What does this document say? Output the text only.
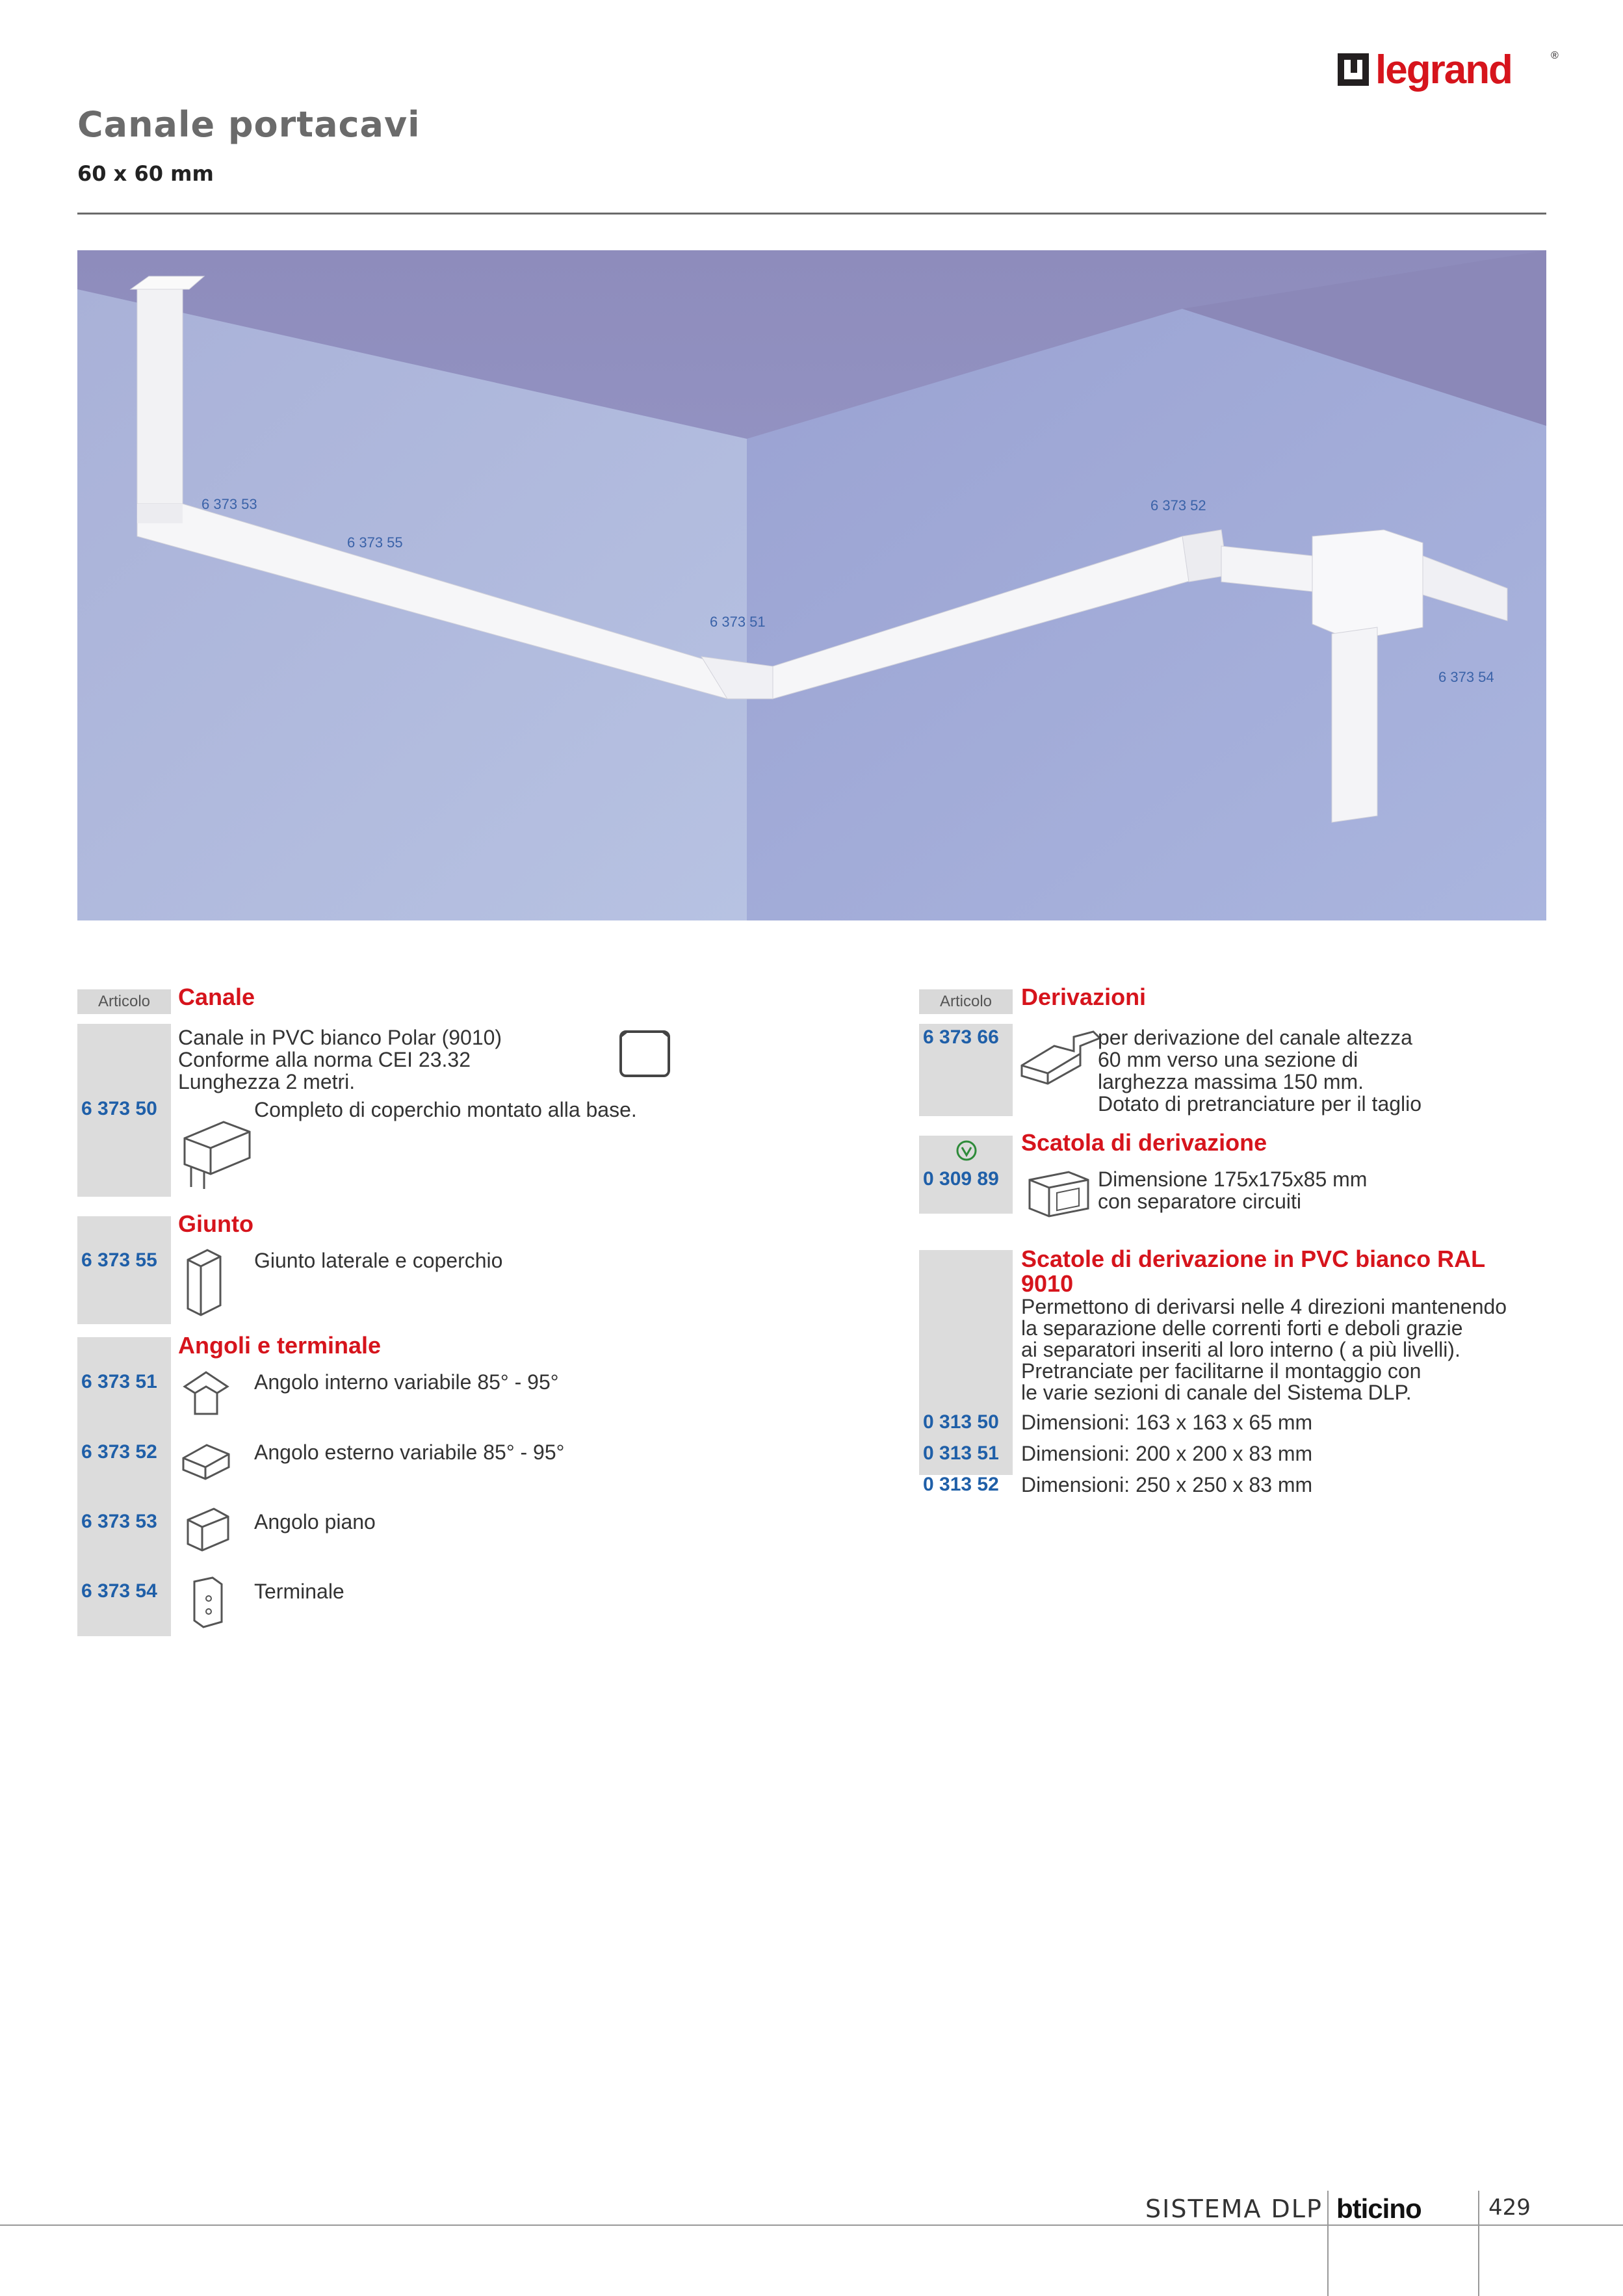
legrand	®
Canale portacavi
60 x 60 mm
6 373 53
6 373 55
6 373 51
6 373 52
6 373 54
Articolo	Canale
6 373 50
Canale in PVC bianco Polar (9010)
Conforme alla norma CEI 23.32
Lunghezza 2 metri.
Completo di coperchio montato alla base.
Giunto
6 373 55	Giunto laterale e coperchio
Angoli e terminale
6 373 51	Angolo interno variabile 85° - 95°
6 373 52	Angolo esterno variabile 85° - 95°
6 373 53	Angolo piano
6 373 54	Terminale
Articolo	Derivazioni
6 373 66	per derivazione del canale altezza
60 mm verso una sezione di
larghezza massima 150 mm.
Dotato di pretranciature per il taglio
Scatola di derivazione
0 309 89	Dimensione 175x175x85 mm
con separatore circuiti
Scatole di derivazione in PVC bianco RAL
9010
Permettono di derivarsi nelle 4 direzioni mantenendo
la separazione delle correnti forti e deboli grazie
ai separatori inseriti al loro interno ( a più livelli).
Pretranciate per facilitarne il montaggio con
le varie sezioni di canale del Sistema DLP.
0 313 50 Dimensioni: 163 x 163 x 65 mm
0 313 51 Dimensioni: 200 x 200 x 83 mm
0 313 52 Dimensioni: 250 x 250 x 83 mm
SISTEMA DLP bticino	429
